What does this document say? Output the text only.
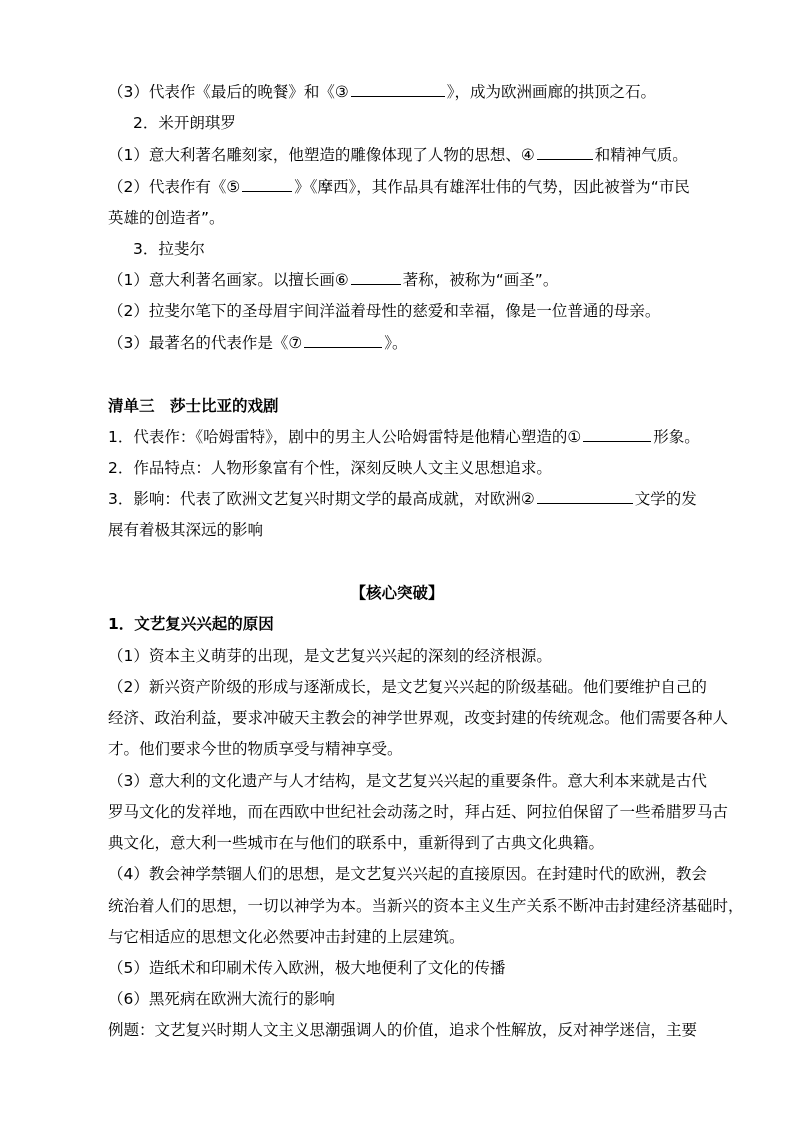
（3）代表作《最后的晚餐》和《③	》，成为欧洲画廊的拱顶之石。
2．米开朗琪罗
（1）意大利著名雕刻家，他塑造的雕像体现了人物的思想、④	和精神气质。
（2）代表作有《⑤	》《摩西》，其作品具有雄浑壮伟的气势，因此被誉为“市民
英雄的创造者”。
3．拉斐尔
（1）意大利著名画家。以擅长画⑥	著称，被称为“画圣”。
（2）拉斐尔笔下的圣母眉宇间洋溢着母性的慈爱和幸福，像是一位普通的母亲。
（3）最著名的代表作是《⑦	》。
清单三　莎士比亚的戏剧
1．代表作：《哈姆雷特》，剧中的男主人公哈姆雷特是他精心塑造的①	形象。
2．作品特点：人物形象富有个性，深刻反映人文主义思想追求。
3．影响：代表了欧洲文艺复兴时期文学的最高成就，对欧洲②	文学的发
展有着极其深远的影响
【核心突破】
1．文艺复兴兴起的原因
（1）资本主义萌芽的出现，是文艺复兴兴起的深刻的经济根源。
（2）新兴资产阶级的形成与逐渐成长，是文艺复兴兴起的阶级基础。他们要维护自己的
经济、政治利益，要求冲破天主教会的神学世界观，改变封建的传统观念。他们需要各种人
才。他们要求今世的物质享受与精神享受。
（3）意大利的文化遗产与人才结构，是文艺复兴兴起的重要条件。意大利本来就是古代
罗马文化的发祥地，而在西欧中世纪社会动荡之时，拜占廷、阿拉伯保留了一些希腊罗马古
典文化，意大利一些城市在与他们的联系中，重新得到了古典文化典籍。
（4）教会神学禁锢人们的思想，是文艺复兴兴起的直接原因。在封建时代的欧洲，教会
统治着人们的思想，一切以神学为本。当新兴的资本主义生产关系不断冲击封建经济基础时，
与它相适应的思想文化必然要冲击封建的上层建筑。
（5）造纸术和印刷术传入欧洲，极大地便利了文化的传播
（6）黑死病在欧洲大流行的影响
例题：文艺复兴时期人文主义思潮强调人的价值，追求个性解放，反对神学迷信，主要
